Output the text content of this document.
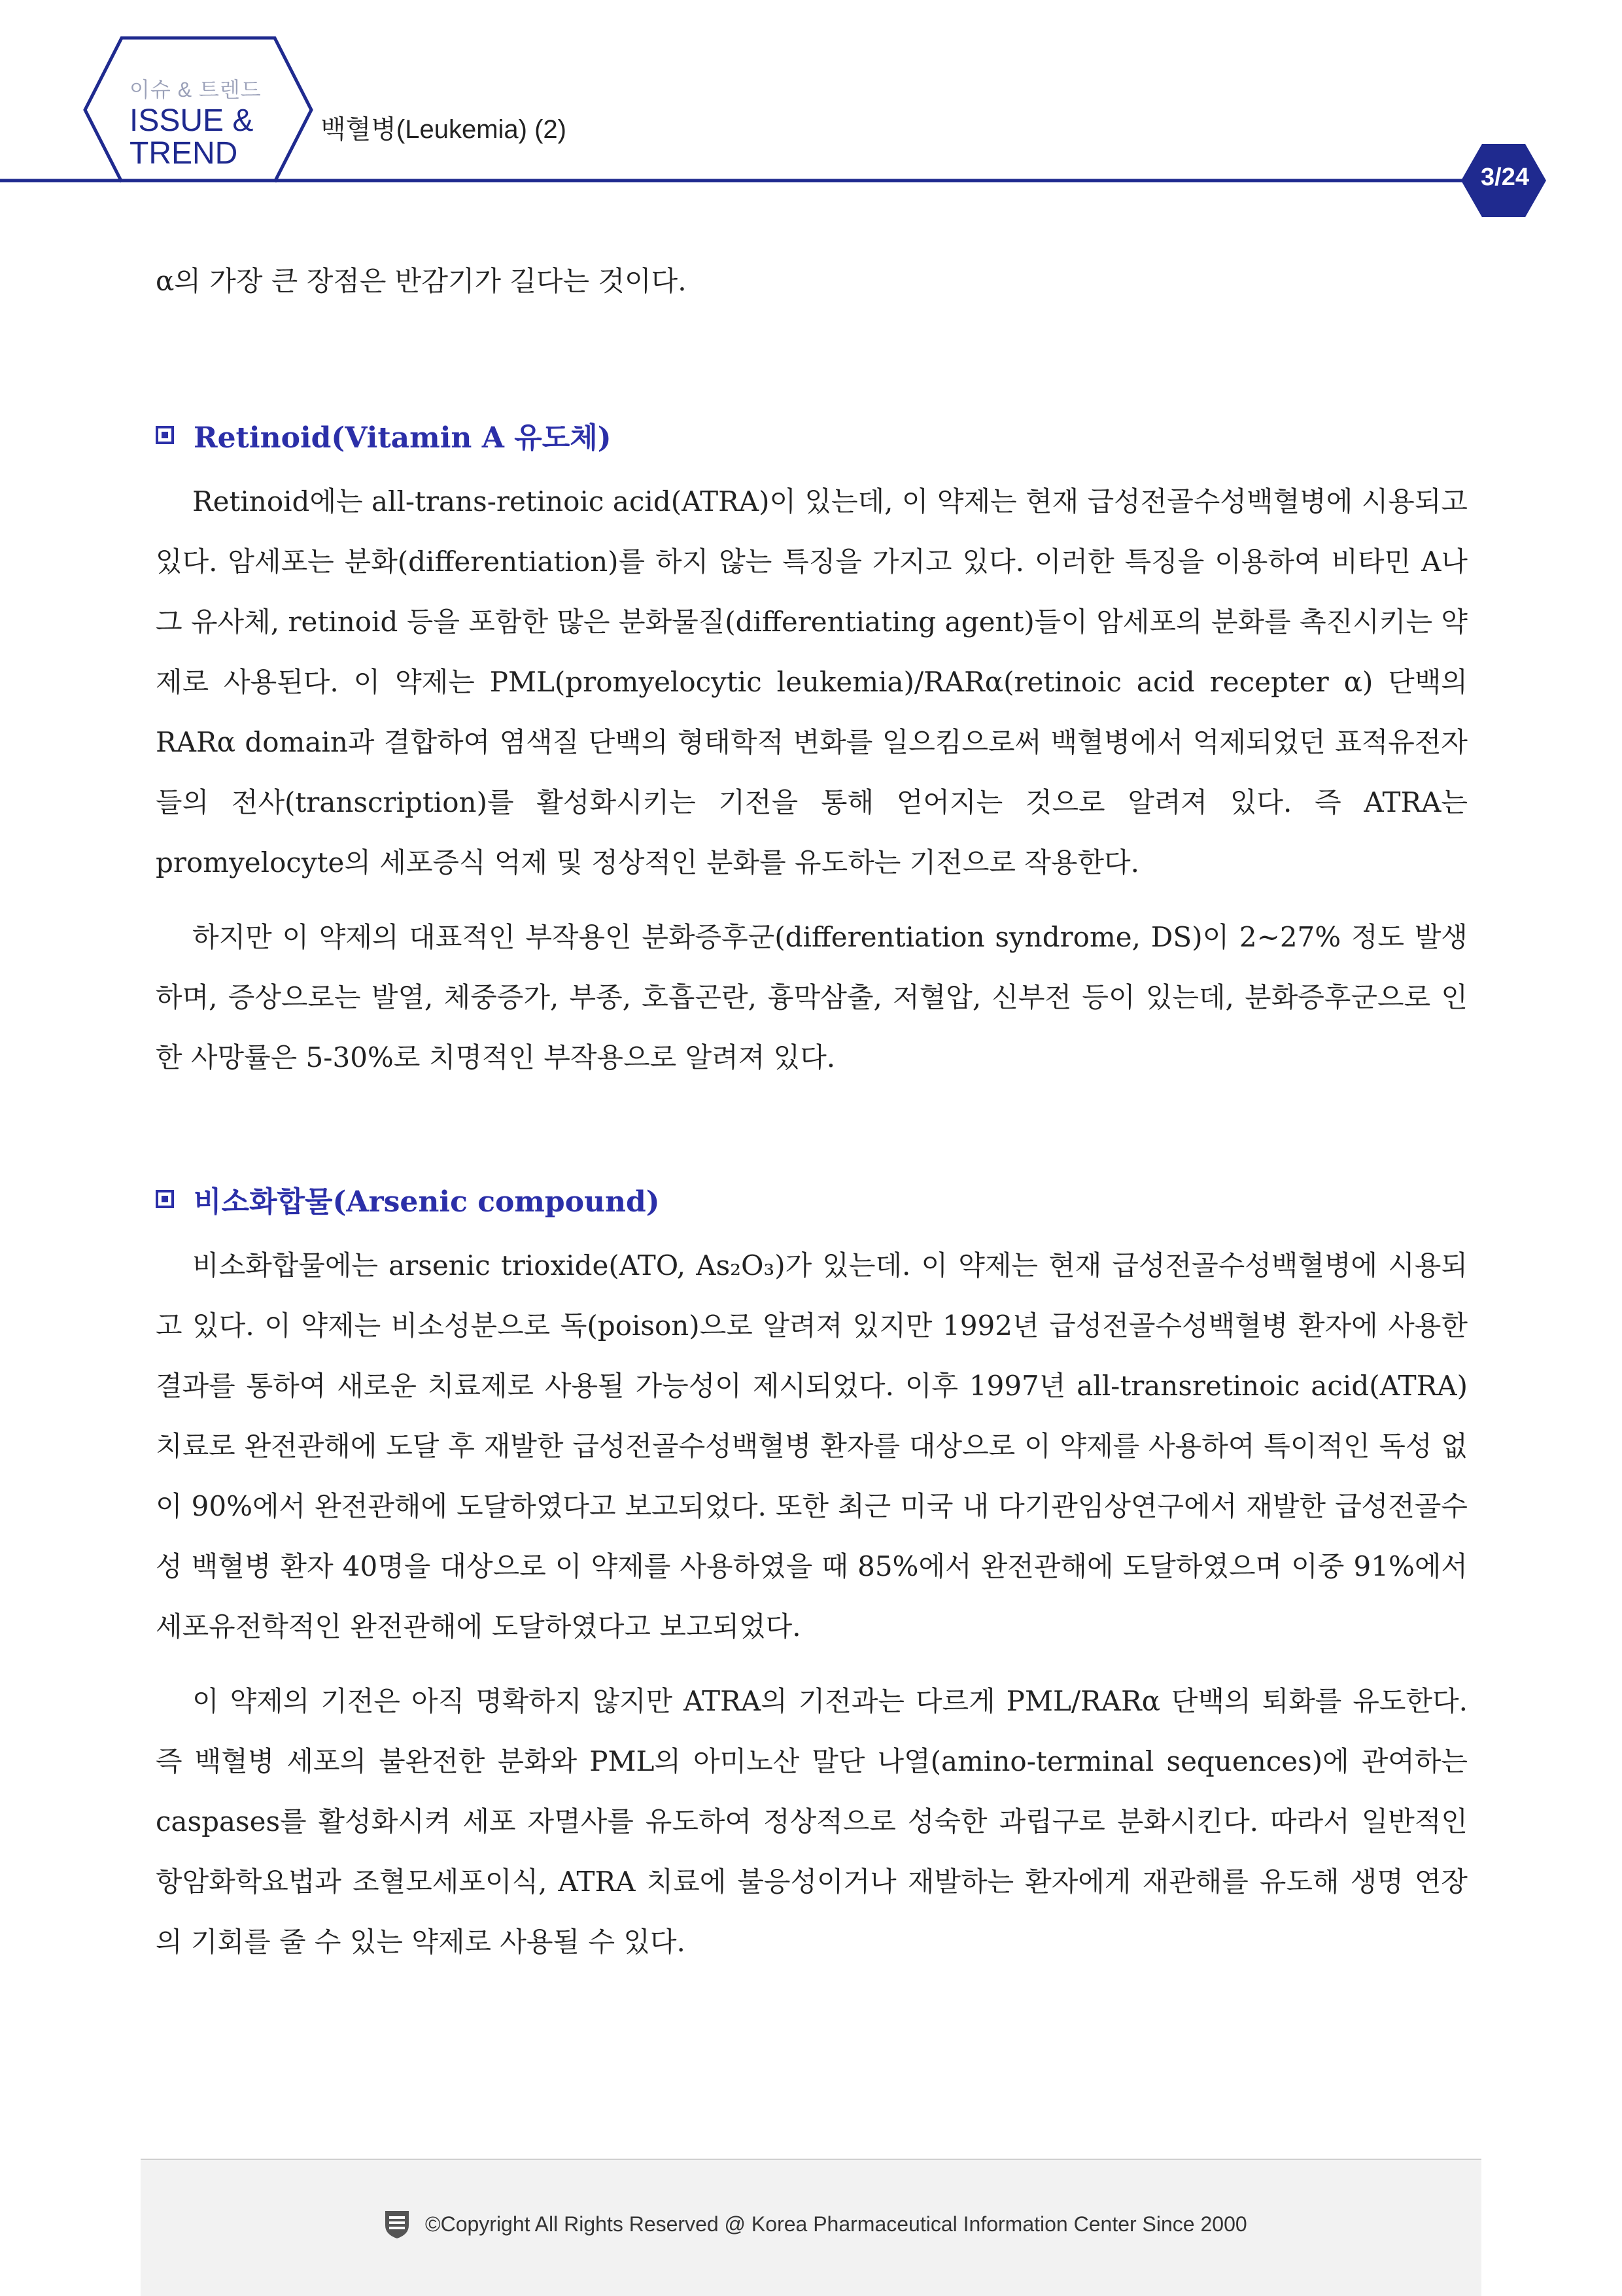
이슈 & 트렌드
ISSUE &
TREND
백혈병(Leukemia) (2)
3/24

α의 가장 큰 장점은 반감기가 길다는 것이다.

Retinoid(Vitamin A 유도체)

Retinoid에는 all-trans-retinoic acid(ATRA)이 있는데, 이 약제는 현재 급성전골수성백혈병에 시용되고 있다. 암세포는 분화(differentiation)를 하지 않는 특징을 가지고 있다. 이러한 특징을 이용하여 비타민 A나 그 유사체, retinoid 등을 포함한 많은 분화물질(differentiating agent)들이 암세포의 분화를 촉진시키는 약제로 사용된다. 이 약제는 PML(promyelocytic leukemia)/RARα(retinoic acid recepter α) 단백의 RARα domain과 결합하여 염색질 단백의 형태학적 변화를 일으킴으로써 백혈병에서 억제되었던 표적유전자들의 전사(transcription)를 활성화시키는 기전을 통해 얻어지는 것으로 알려져 있다. 즉 ATRA는 promyelocyte의 세포증식 억제 및 정상적인 분화를 유도하는 기전으로 작용한다.

하지만 이 약제의 대표적인 부작용인 분화증후군(differentiation syndrome, DS)이 2~27% 정도 발생하며, 증상으로는 발열, 체중증가, 부종, 호흡곤란, 흉막삼출, 저혈압, 신부전 등이 있는데, 분화증후군으로 인한 사망률은 5-30%로 치명적인 부작용으로 알려져 있다.

비소화합물(Arsenic compound)

비소화합물에는 arsenic trioxide(ATO, As₂O₃)가 있는데. 이 약제는 현재 급성전골수성백혈병에 시용되고 있다. 이 약제는 비소성분으로 독(poison)으로 알려져 있지만 1992년 급성전골수성백혈병 환자에 사용한 결과를 통하여 새로운 치료제로 사용될 가능성이 제시되었다. 이후 1997년 all-transretinoic acid(ATRA) 치료로 완전관해에 도달 후 재발한 급성전골수성백혈병 환자를 대상으로 이 약제를 사용하여 특이적인 독성 없이 90%에서 완전관해에 도달하였다고 보고되었다. 또한 최근 미국 내 다기관임상연구에서 재발한 급성전골수성 백혈병 환자 40명을 대상으로 이 약제를 사용하였을 때 85%에서 완전관해에 도달하였으며 이중 91%에서 세포유전학적인 완전관해에 도달하였다고 보고되었다.

이 약제의 기전은 아직 명확하지 않지만 ATRA의 기전과는 다르게 PML/RARα 단백의 퇴화를 유도한다. 즉 백혈병 세포의 불완전한 분화와 PML의 아미노산 말단 나열(amino-terminal sequences)에 관여하는 caspases를 활성화시켜 세포 자멸사를 유도하여 정상적으로 성숙한 과립구로 분화시킨다. 따라서 일반적인 항암화학요법과 조혈모세포이식, ATRA 치료에 불응성이거나 재발하는 환자에게 재관해를 유도해 생명 연장의 기회를 줄 수 있는 약제로 사용될 수 있다.

©Copyright All Rights Reserved @ Korea Pharmaceutical Information Center Since 2000
